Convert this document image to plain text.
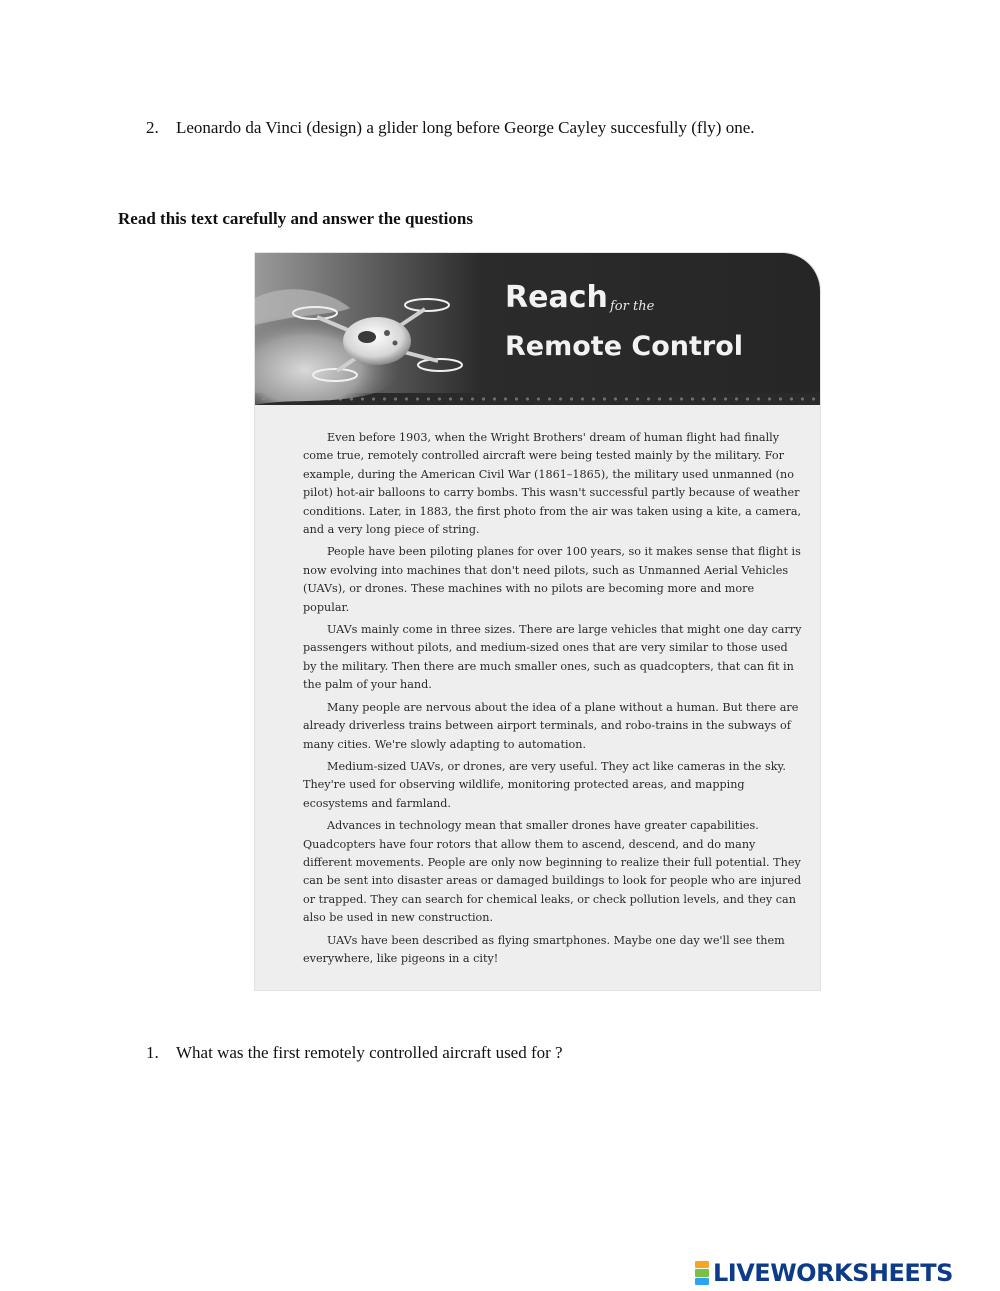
2. Leonardo da Vinci (design) a glider long before George Cayley succesfully (fly) one.
Read this text carefully and answer the questions
Reach for the
Remote Control

Even before 1903, when the Wright Brothers' dream of human flight had finally come true, remotely controlled aircraft were being tested mainly by the military. For example, during the American Civil War (1861–1865), the military used unmanned (no pilot) hot-air balloons to carry bombs. This wasn't successful partly because of weather conditions. Later, in 1883, the first photo from the air was taken using a kite, a camera, and a very long piece of string.

People have been piloting planes for over 100 years, so it makes sense that flight is now evolving into machines that don't need pilots, such as Unmanned Aerial Vehicles (UAVs), or drones. These machines with no pilots are becoming more and more popular.

UAVs mainly come in three sizes. There are large vehicles that might one day carry passengers without pilots, and medium-sized ones that are very similar to those used by the military. Then there are much smaller ones, such as quadcopters, that can fit in the palm of your hand.

Many people are nervous about the idea of a plane without a human. But there are already driverless trains between airport terminals, and robo-trains in the subways of many cities. We're slowly adapting to automation.

Medium-sized UAVs, or drones, are very useful. They act like cameras in the sky. They're used for observing wildlife, monitoring protected areas, and mapping ecosystems and farmland.

Advances in technology mean that smaller drones have greater capabilities. Quadcopters have four rotors that allow them to ascend, descend, and do many different movements. People are only now beginning to realize their full potential. They can be sent into disaster areas or damaged buildings to look for people who are injured or trapped. They can search for chemical leaks, or check pollution levels, and they can also be used in new construction.

UAVs have been described as flying smartphones. Maybe one day we'll see them everywhere, like pigeons in a city!

1. What was the first remotely controlled aircraft used for ?
LIVEWORKSHEETS
